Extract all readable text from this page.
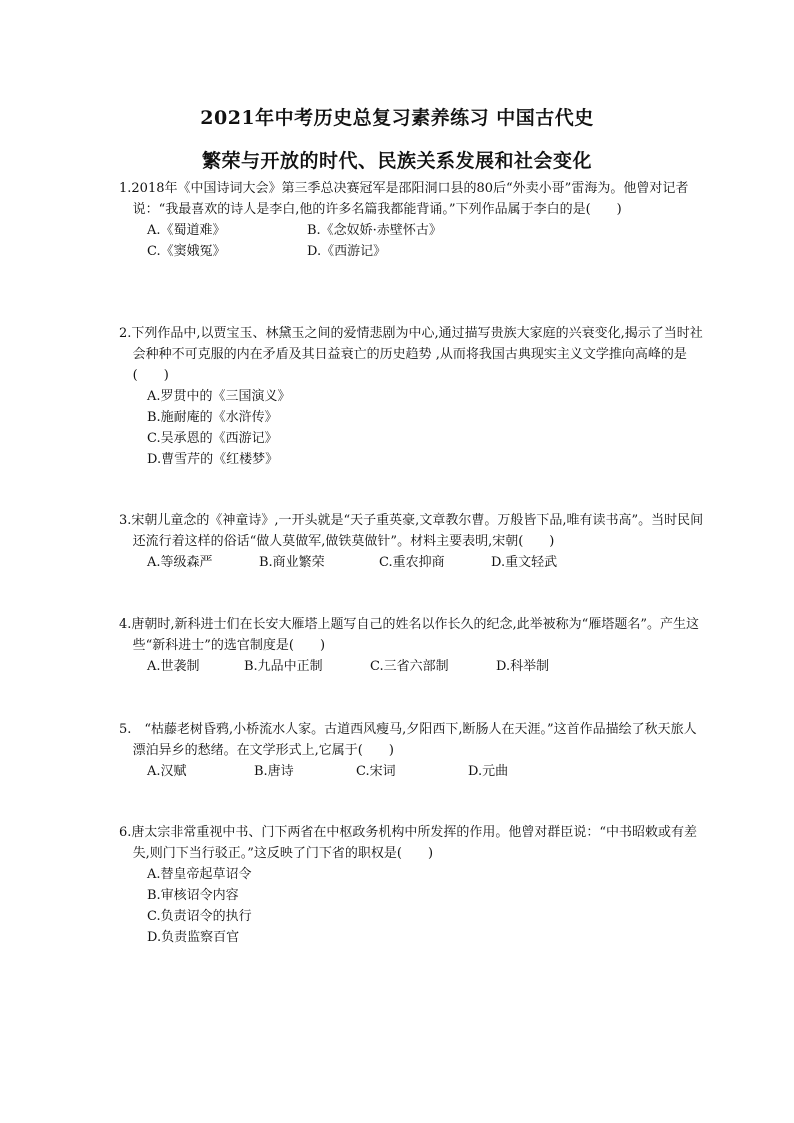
2021年中考历史总复习素养练习 中国古代史
繁荣与开放的时代、民族关系发展和社会变化

1.2018年《中国诗词大会》第三季总决赛冠军是邵阳洞口县的80后“外卖小哥”雷海为。他曾对记者说：“我最喜欢的诗人是李白,他的许多名篇我都能背诵。”下列作品属于李白的是(　　)

A.《蜀道难》	B.《念奴娇·赤壁怀古》
C.《窦娥冤》	D.《西游记》

2.下列作品中,以贾宝玉、林黛玉之间的爱情悲剧为中心,通过描写贵族大家庭的兴衰变化,揭示了当时社会种种不可克服的内在矛盾及其日益衰亡的历史趋势 ,从而将我国古典现实主义文学推向高峰的是(　　)

A.罗贯中的《三国演义》
B.施耐庵的《水浒传》
C.吴承恩的《西游记》
D.曹雪芹的《红楼梦》

3.宋朝儿童念的《神童诗》,一开头就是“天子重英豪,文章教尔曹。万般皆下品,唯有读书高”。当时民间还流行着这样的俗话“做人莫做军,做铁莫做针”。材料主要表明,宋朝(　　)

A.等级森严	B.商业繁荣	C.重农抑商	D.重文轻武

4.唐朝时,新科进士们在长安大雁塔上题写自己的姓名以作长久的纪念,此举被称为“雁塔题名”。产生这些“新科进士”的选官制度是(　　)

A.世袭制	B.九品中正制	C.三省六部制	D.科举制

5.　“枯藤老树昏鸦,小桥流水人家。古道西风瘦马,夕阳西下,断肠人在天涯。”这首作品描绘了秋天旅人漂泊异乡的愁绪。在文学形式上,它属于(　　)

A.汉赋	B.唐诗	C.宋词	D.元曲

6.唐太宗非常重视中书、门下两省在中枢政务机构中所发挥的作用。他曾对群臣说：“中书昭敕或有差失,则门下当行驳正。”这反映了门下省的职权是(　　)

A.替皇帝起草诏令
B.审核诏令内容
C.负责诏令的执行
D.负责监察百官
